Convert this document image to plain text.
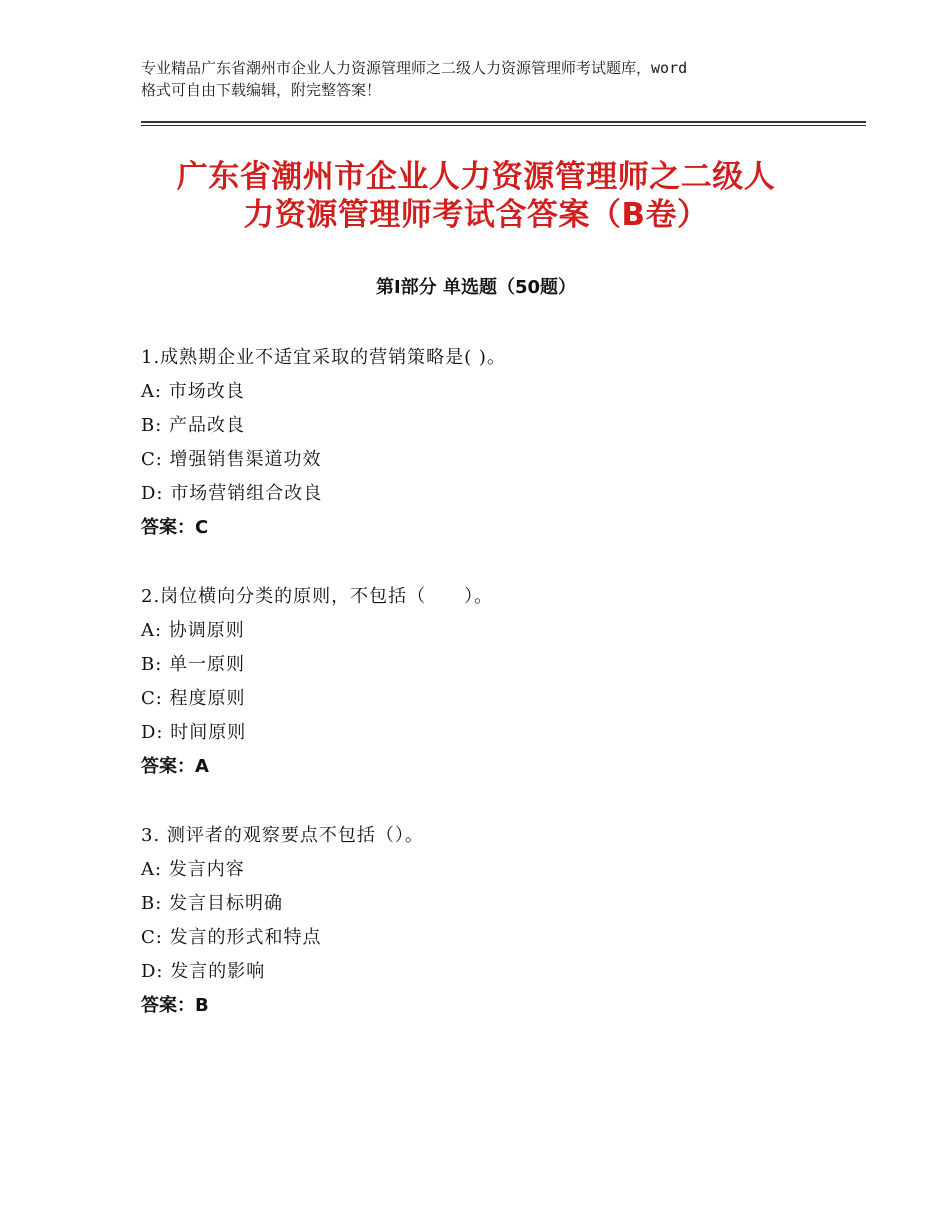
专业精品广东省潮州市企业人力资源管理师之二级人力资源管理师考试题库，word
格式可自由下载编辑，附完整答案！
广东省潮州市企业人力资源管理师之二级人
力资源管理师考试含答案（B卷）
第Ⅰ部分 单选题（50题）
1.成熟期企业不适宜采取的营销策略是( )。
A: 市场改良
B: 产品改良
C: 增强销售渠道功效
D: 市场营销组合改良
答案：C
2.岗位横向分类的原则，不包括（　　）。
A: 协调原则
B: 单一原则
C: 程度原则
D: 时间原则
答案：A
3. 测评者的观察要点不包括（）。
A: 发言内容
B: 发言目标明确
C: 发言的形式和特点
D: 发言的影响
答案：B
